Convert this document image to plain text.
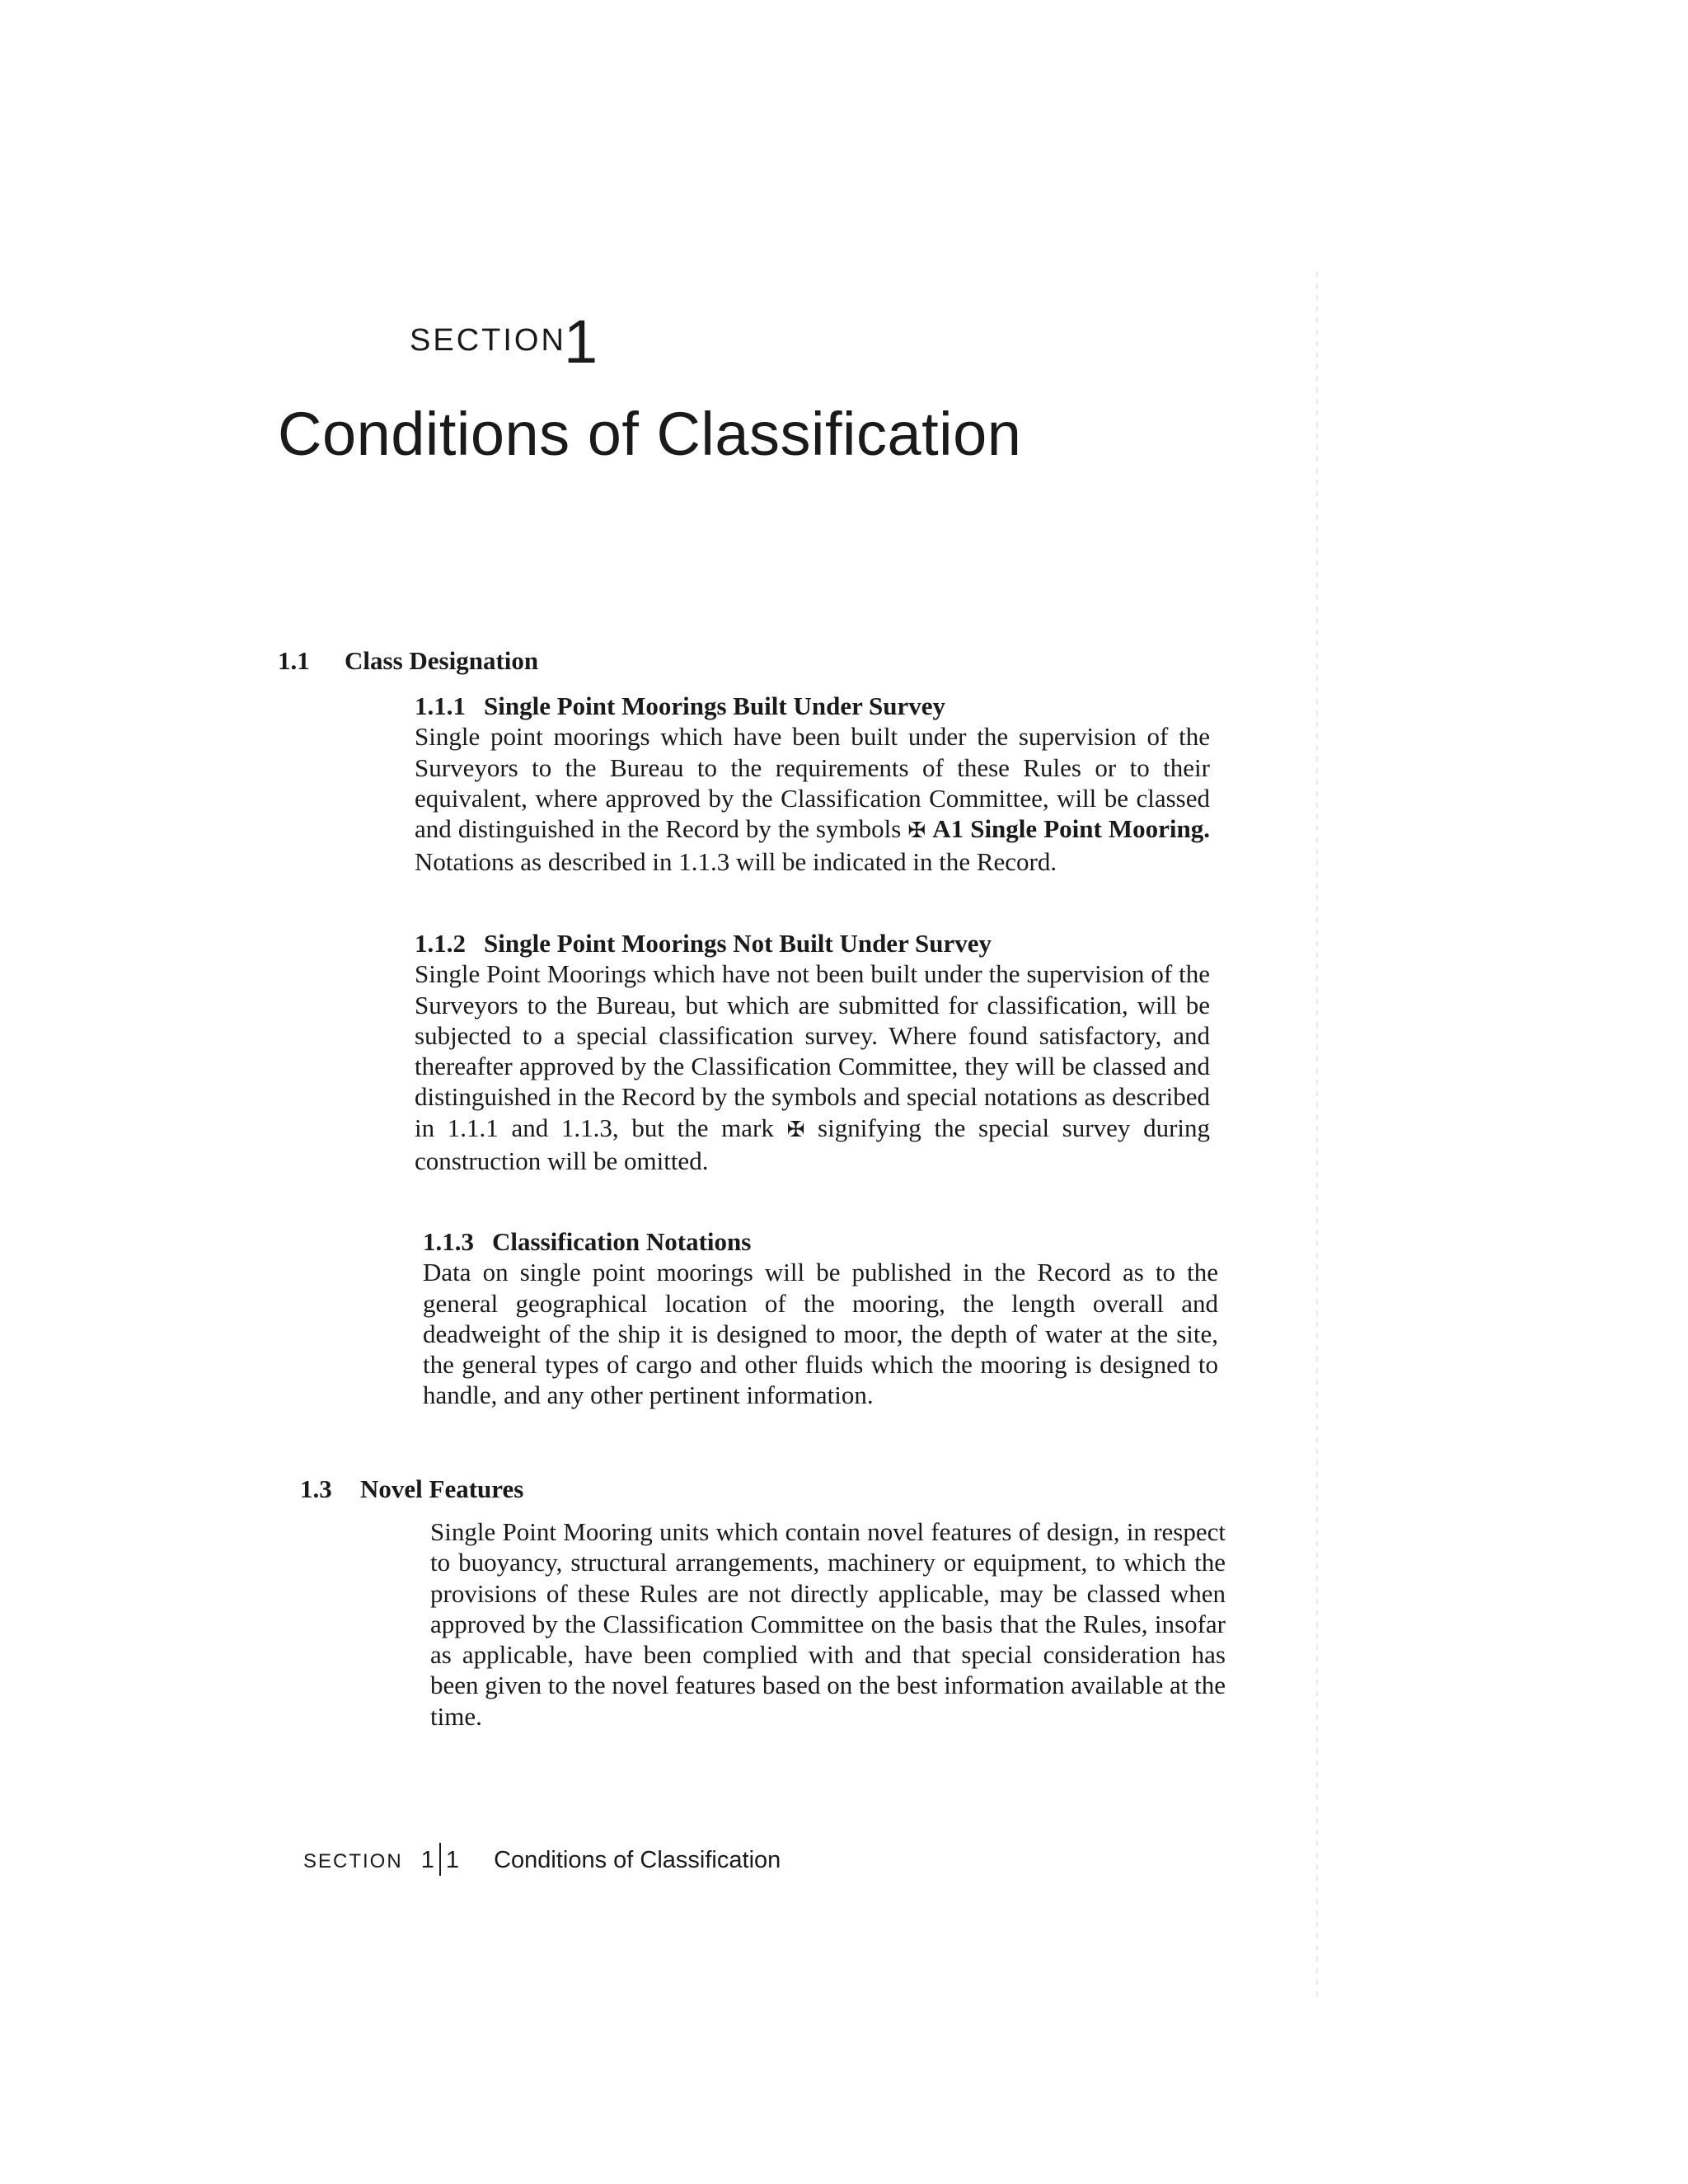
SECTION
1
Conditions of Classification
1.1 Class Designation
1.1.1 Single Point Moorings Built Under Survey
Single point moorings which have been built under the supervision of the Surveyors to the Bureau to the requirements of these Rules or to their equivalent, where approved by the Classification Committee, will be classed and distinguished in the Record by the symbols ✠ A1 Single Point Mooring. Notations as described in 1.1.3 will be indicated in the Record.
1.1.2 Single Point Moorings Not Built Under Survey
Single Point Moorings which have not been built under the supervision of the Surveyors to the Bureau, but which are submitted for classification, will be subjected to a special classification survey. Where found satisfactory, and thereafter approved by the Classification Committee, they will be classed and distinguished in the Record by the symbols and special notations as described in 1.1.1 and 1.1.3, but the mark ✠ signifying the special survey during construction will be omitted.
1.1.3 Classification Notations
Data on single point moorings will be published in the Record as to the general geographical location of the mooring, the length overall and deadweight of the ship it is designed to moor, the depth of water at the site, the general types of cargo and other fluids which the mooring is designed to handle, and any other pertinent information.
1.3 Novel Features
Single Point Mooring units which contain novel features of design, in respect to buoyancy, structural arrangements, machinery or equipment, to which the provisions of these Rules are not directly applicable, may be classed when approved by the Classification Committee on the basis that the Rules, insofar as applicable, have been complied with and that special consideration has been given to the novel features based on the best information available at the time.
SECTION 1 1 Conditions of Classification
